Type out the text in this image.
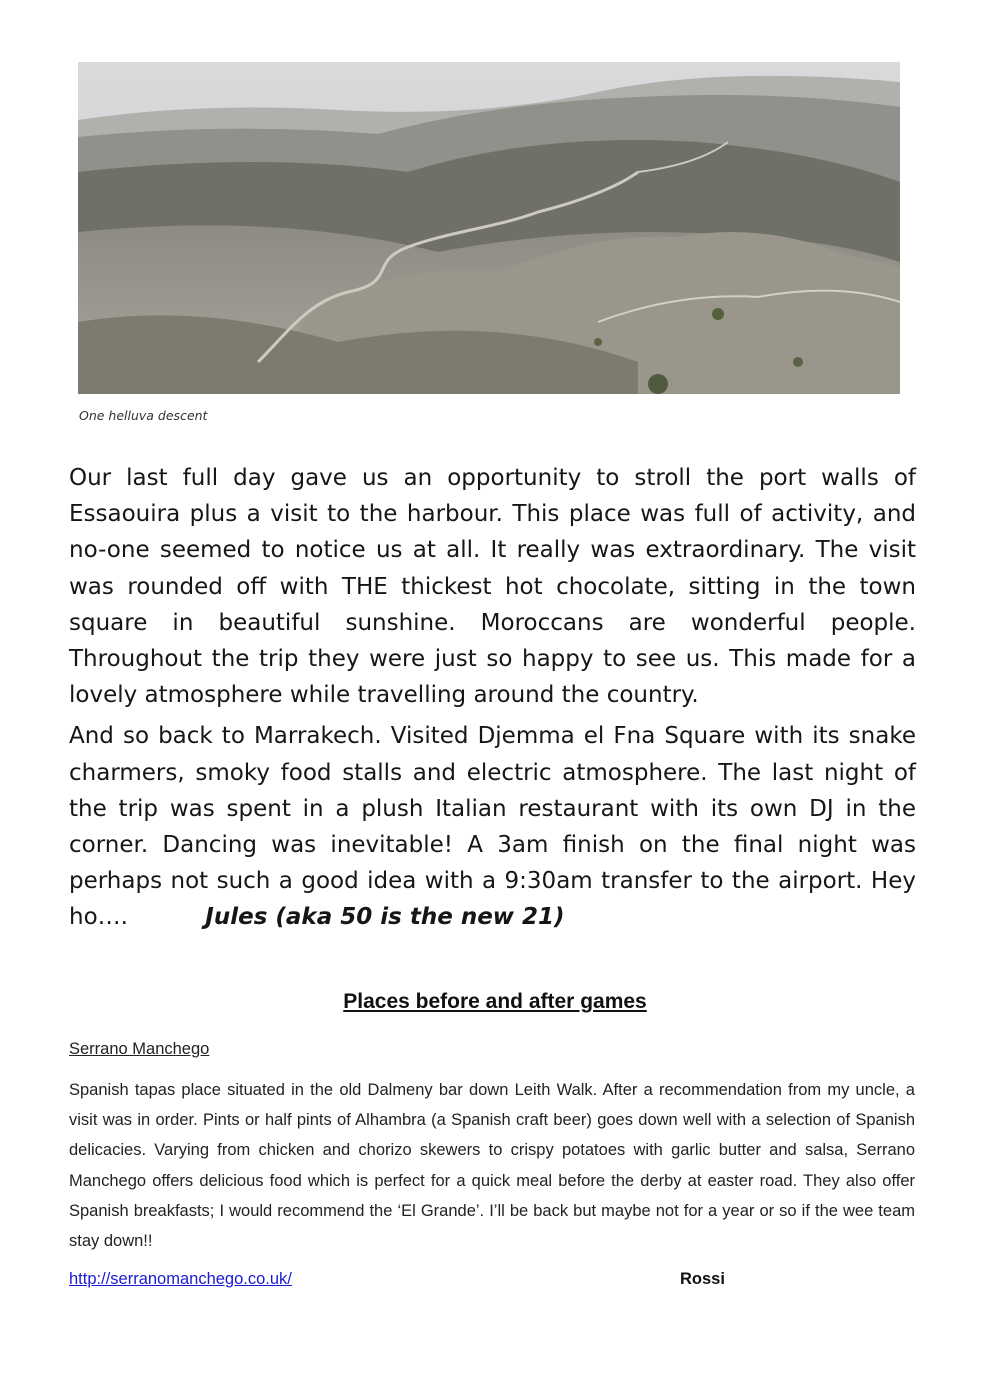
One helluva descent

Our last full day gave us an opportunity to stroll the port walls of Essaouira plus a visit to the harbour. This place was full of activity, and no-one seemed to notice us at all. It really was extraordinary. The visit was rounded off with THE thickest hot chocolate, sitting in the town square in beautiful sunshine. Moroccans are wonderful people. Throughout the trip they were just so happy to see us. This made for a lovely atmosphere while travelling around the country.

And so back to Marrakech. Visited Djemma el Fna Square with its snake charmers, smoky food stalls and electric atmosphere. The last night of the trip was spent in a plush Italian restaurant with its own DJ in the corner. Dancing was inevitable! A 3am finish on the final night was perhaps not such a good idea with a 9:30am transfer to the airport. Hey ho….	Jules (aka 50 is the new 21)

Places before and after games
Serrano Manchego

Spanish tapas place situated in the old Dalmeny bar down Leith Walk. After a recommendation from my uncle, a visit was in order. Pints or half pints of Alhambra (a Spanish craft beer) goes down well with a selection of Spanish delicacies. Varying from chicken and chorizo skewers to crispy potatoes with garlic butter and salsa, Serrano Manchego offers delicious food which is perfect for a quick meal before the derby at easter road. They also offer Spanish breakfasts; I would recommend the ‘El Grande’. I’ll be back but maybe not for a year or so if the wee team stay down!!

http://serranomanchego.co.uk/	Rossi
